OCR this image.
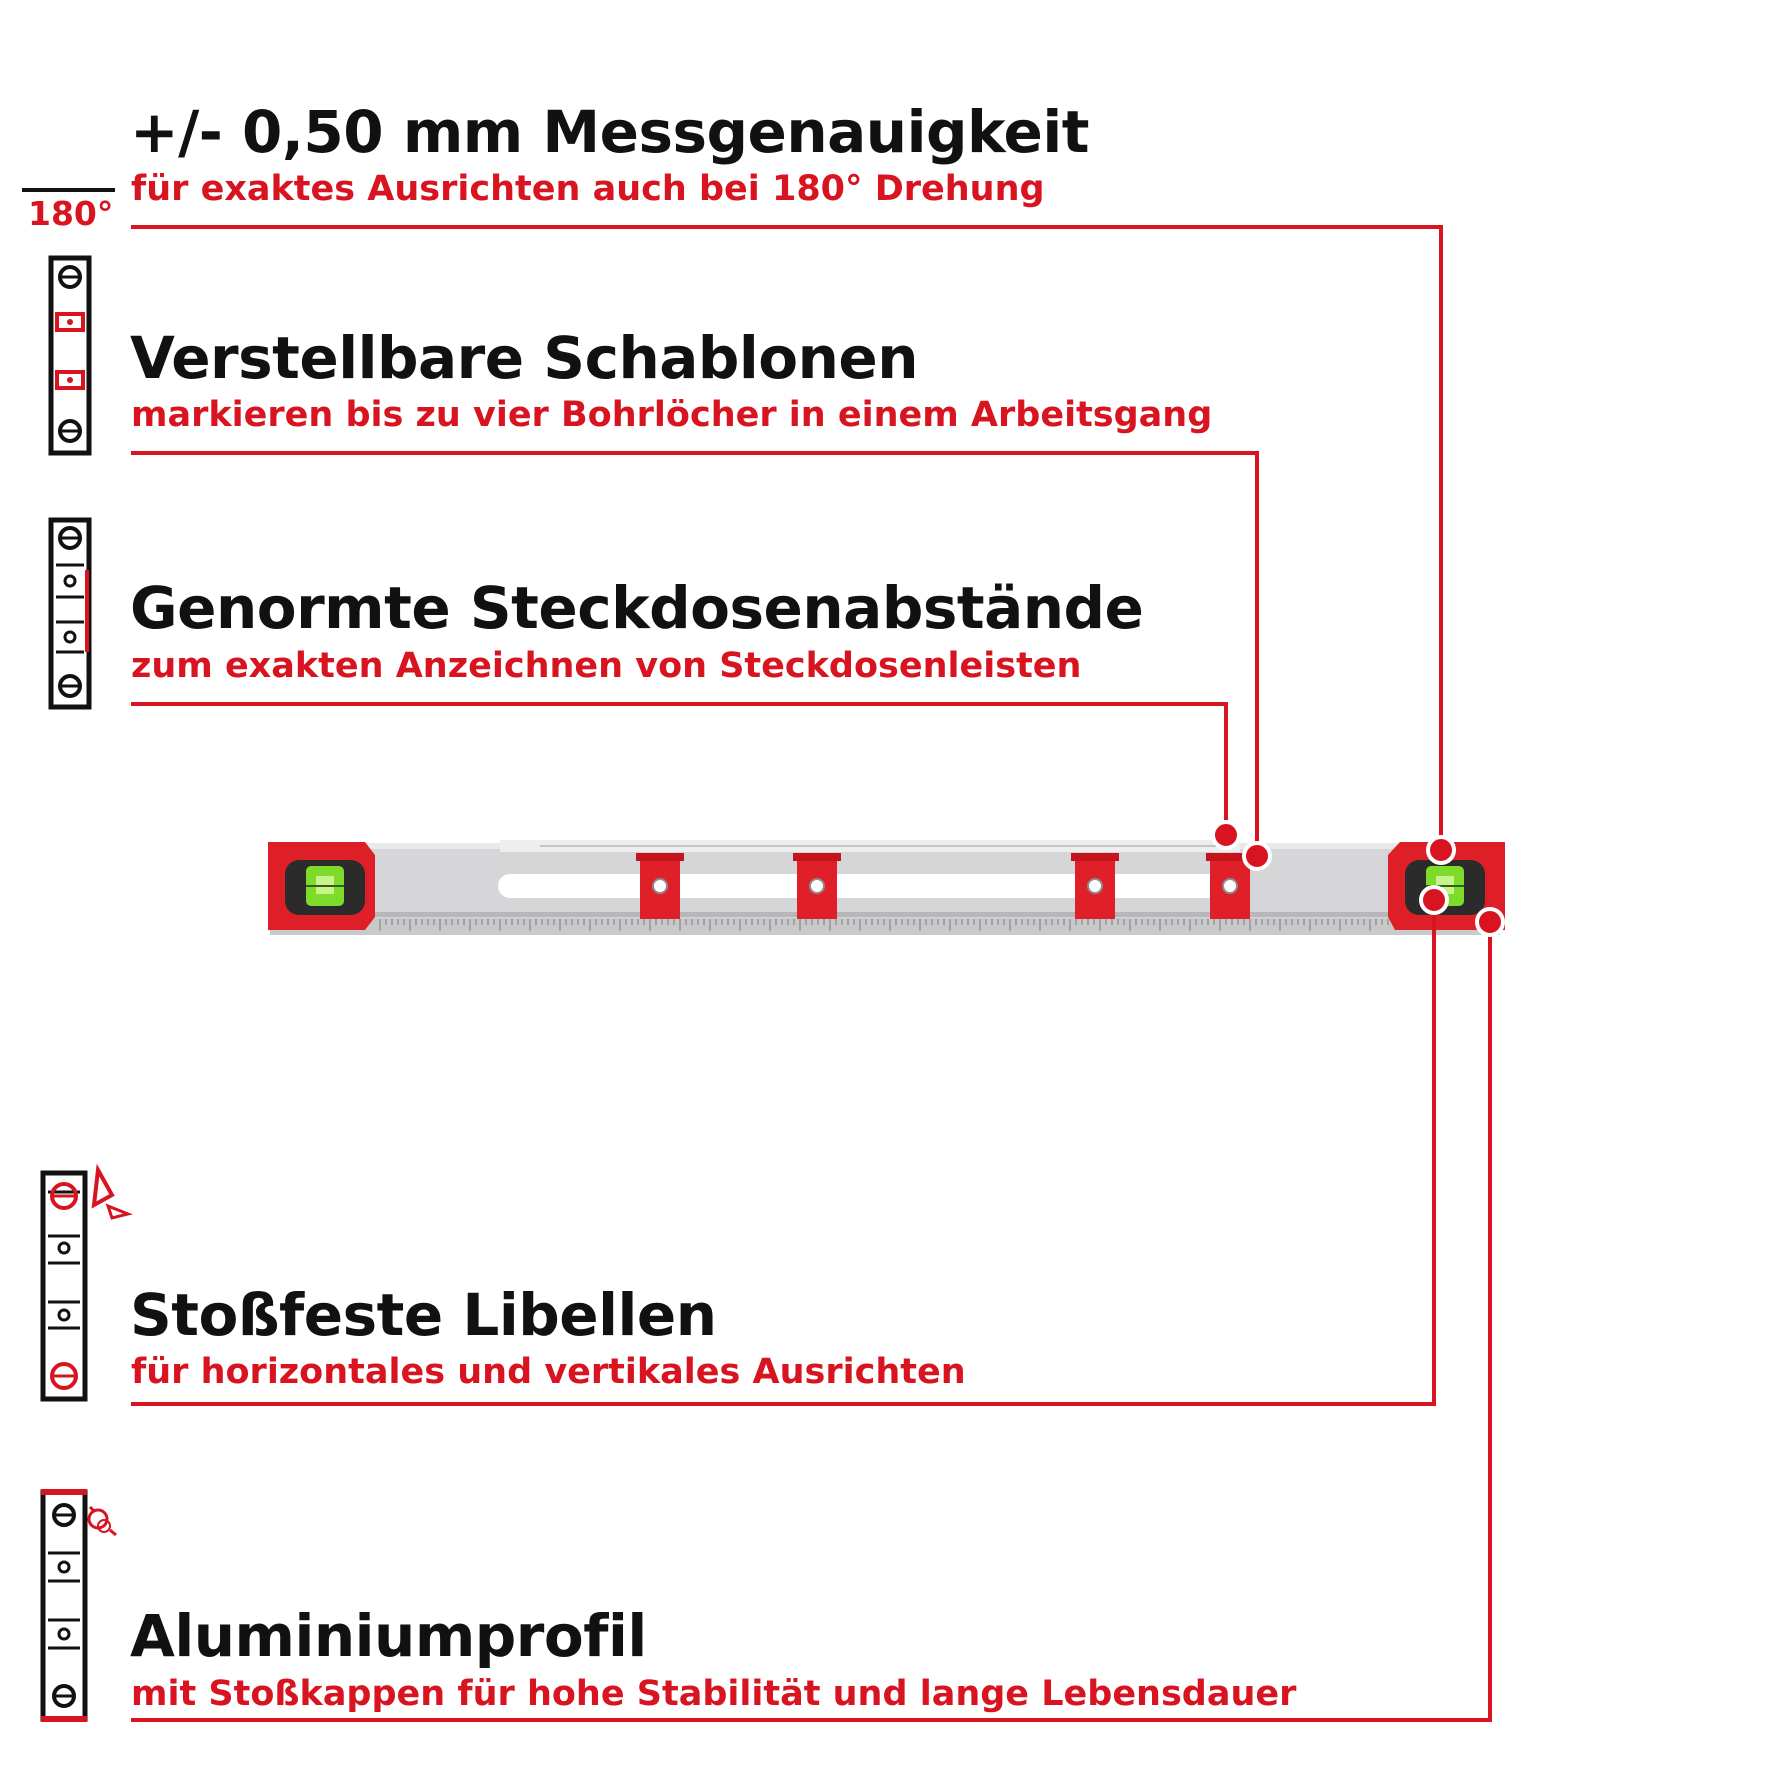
+/- 0,50 mm Messgenauigkeit
für exaktes Ausrichten auch bei 180° Drehung
Verstellbare Schablonen
markieren bis zu vier Bohrlöcher in einem Arbeitsgang
Genormte Steckdosenabstände
zum exakten Anzeichnen von Steckdosenleisten
Stoßfeste Libellen
für horizontales und vertikales Ausrichten
Aluminiumprofil
mit Stoßkappen für hohe Stabilität und lange Lebensdauer
180°
